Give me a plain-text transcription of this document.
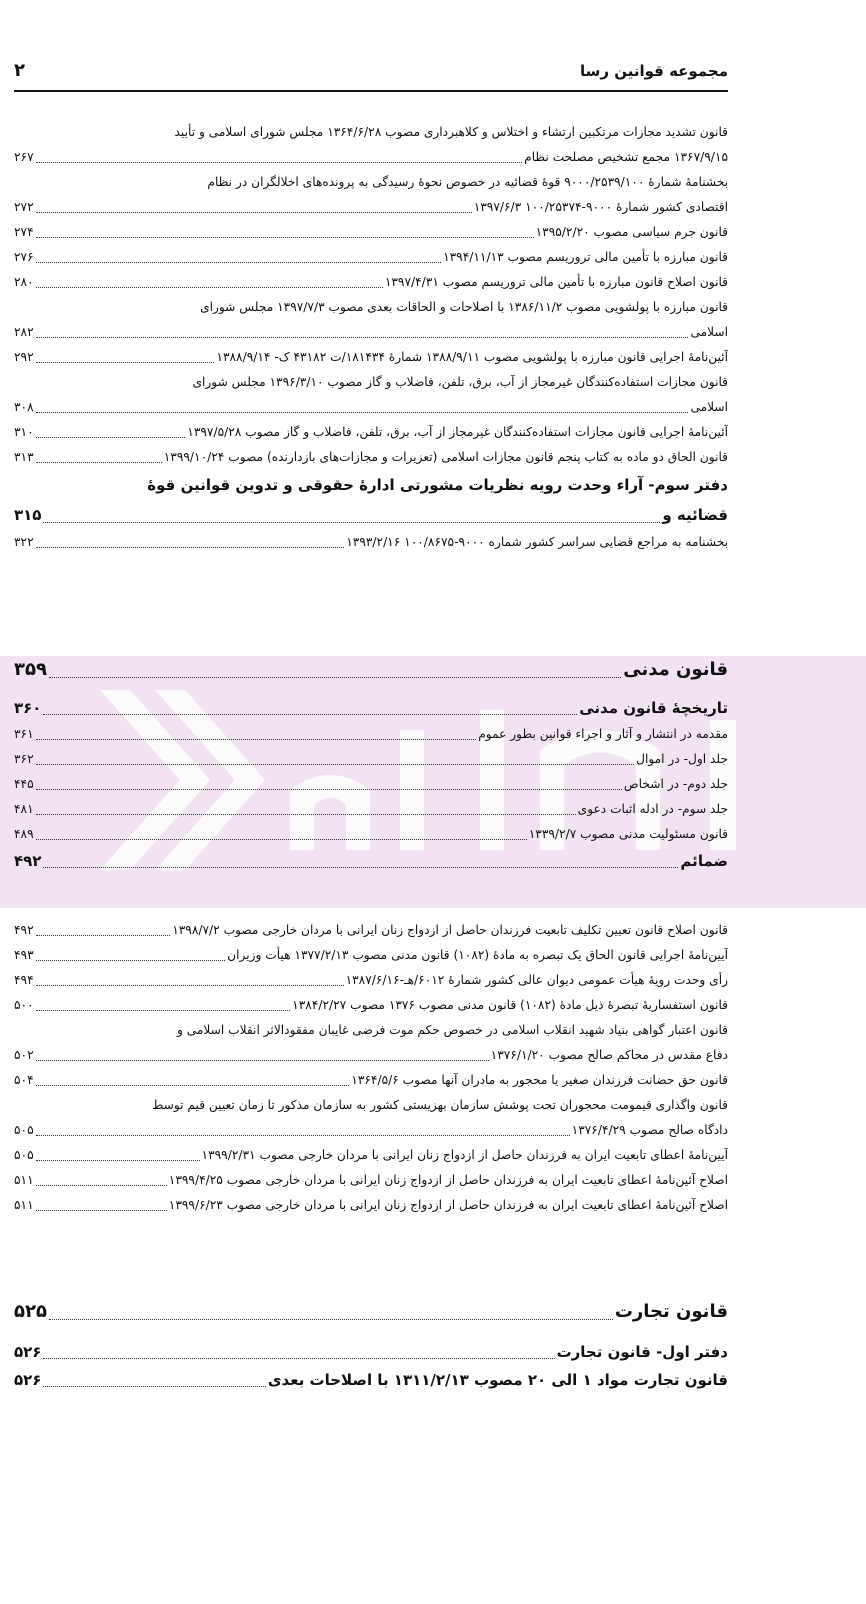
مجموعه قوانین رسا
۲
قانون تشدید مجازات مرتکبین ارتشاء و اختلاس و کلاهبرداری مصوب ۱۳۶۴/۶/۲۸ مجلس شورای اسلامی و تأیید
۱۳۶۷/۹/۱۵ مجمع تشخیص مصلحت نظام
۲۶۷
بخشنامهٔ شمارهٔ ۹۰۰۰/۲۵۳۹/۱۰۰ قوهٔ قضائیه در خصوص نحوهٔ رسیدگی به پرونده‌های اخلالگران در نظام
اقتصادی کشور شمارهٔ ۹۰۰۰-۱۰۰/۲۵۳۷۴ ۱۳۹۷/۶/۳
۲۷۲
قانون جرم سیاسی مصوب ۱۳۹۵/۲/۲۰
۲۷۴
قانون مبارزه با تأمین مالی تروریسم مصوب ۱۳۹۴/۱۱/۱۳
۲۷۶
قانون اصلاح قانون مبارزه با تأمین مالی تروریسم مصوب ۱۳۹۷/۴/۳۱
۲۸۰
قانون مبارزه با پولشویی مصوب ۱۳۸۶/۱۱/۲ با اصلاحات و الحاقات بعدی مصوب ۱۳۹۷/۷/۳ مجلس شورای
اسلامی
۲۸۲
آئین‌نامهٔ اجرایی قانون مبارزه با پولشویی مصوب ۱۳۸۸/۹/۱۱ شمارهٔ ۱۸۱۴۳۴/ت ۴۳۱۸۲ ک- ۱۳۸۸/۹/۱۴
۲۹۲
قانون مجازات استفاده‌کنندگان غیرمجاز از آب، برق، تلفن، فاضلاب و گاز مصوب ۱۳۹۶/۳/۱۰ مجلس شورای
اسلامی
۳۰۸
آئین‌نامهٔ اجرایی قانون مجازات استفاده‌کنندگان غیرمجاز از آب، برق، تلفن، فاضلاب و گاز مصوب ۱۳۹۷/۵/۲۸
۳۱۰
قانون الحاق دو ماده به کتاب پنجم قانون مجازات اسلامی (تعزیرات و مجازات‌های بازدارنده) مصوب ۱۳۹۹/۱۰/۲۴
۳۱۳
دفتر سوم- آراء وحدت رویه نظریات مشورتی ادارهٔ حقوقی و تدوین قوانین قوهٔ
قضائیه و
۳۱۵
بخشنامه به مراجع قضایی سراسر کشور شماره ۹۰۰۰-۱۰۰/۸۶۷۵ ۱۳۹۳/۲/۱۶
۳۲۲
قانون مدنی
۳۵۹
تاریخچهٔ قانون مدنی
۳۶۰
مقدمه در انتشار و آثار و اجراء قوانین بطور عموم
۳۶۱
جلد اول- در اموال
۳۶۲
جلد دوم- در اشخاص
۴۴۵
جلد سوم- در ادله اثبات دعوی
۴۸۱
قانون مسئولیت مدنی مصوب ۱۳۳۹/۲/۷
۴۸۹
ضمائم
۴۹۲
قانون اصلاح قانون تعیین تکلیف تابعیت فرزندان حاصل از ازدواج زنان ایرانی با مردان خارجی مصوب ۱۳۹۸/۷/۲
۴۹۲
آیین‌نامهٔ اجرایی قانون الحاق یک تبصره به مادهٔ (۱۰۸۲) قانون مدنی مصوب ۱۳۷۷/۲/۱۳ هیأت وزیران
۴۹۳
رأی وحدت رویهٔ هیأت عمومی دیوان عالی کشور شمارهٔ ۶۰۱۲/هـ-۱۳۸۷/۶/۱۶
۴۹۴
قانون استفساریهٔ تبصرهٔ ذیل مادهٔ (۱۰۸۲) قانون مدنی مصوب ۱۳۷۶ مصوب ۱۳۸۴/۲/۲۷
۵۰۰
قانون اعتبار گواهی بنیاد شهید انقلاب اسلامی در خصوص حکم موت فرضی غایبان مفقودالاثر انقلاب اسلامی و
دفاع مقدس در محاکم صالح مصوب ۱۳۷۶/۱/۲۰
۵۰۲
قانون حق حضانت فرزندان صغیر یا محجور به مادران آنها مصوب ۱۳۶۴/۵/۶
۵۰۴
قانون واگذاری قیمومت محجوران تحت پوشش سازمان بهزیستی کشور به سازمان مذکور تا زمان تعیین قیم توسط
دادگاه صالح مصوب ۱۳۷۶/۴/۲۹
۵۰۵
آیین‌نامهٔ اعطای تابعیت ایران به فرزندان حاصل از ازدواج زنان ایرانی با مردان خارجی مصوب ۱۳۹۹/۲/۳۱
۵۰۵
اصلاح آئین‌نامهٔ اعطای تابعیت ایران به فرزندان حاصل از ازدواج زنان ایرانی با مردان خارجی مصوب ۱۳۹۹/۴/۲۵
۵۱۱
اصلاح آئین‌نامهٔ اعطای تابعیت ایران به فرزندان حاصل از ازدواج زنان ایرانی با مردان خارجی مصوب ۱۳۹۹/۶/۲۳
۵۱۱
قانون تجارت
۵۲۵
دفتر اول- قانون تجارت
۵۲۶
قانون تجارت مواد ۱ الی ۲۰ مصوب ۱۳۱۱/۲/۱۳ با اصلاحات بعدی
۵۲۶
